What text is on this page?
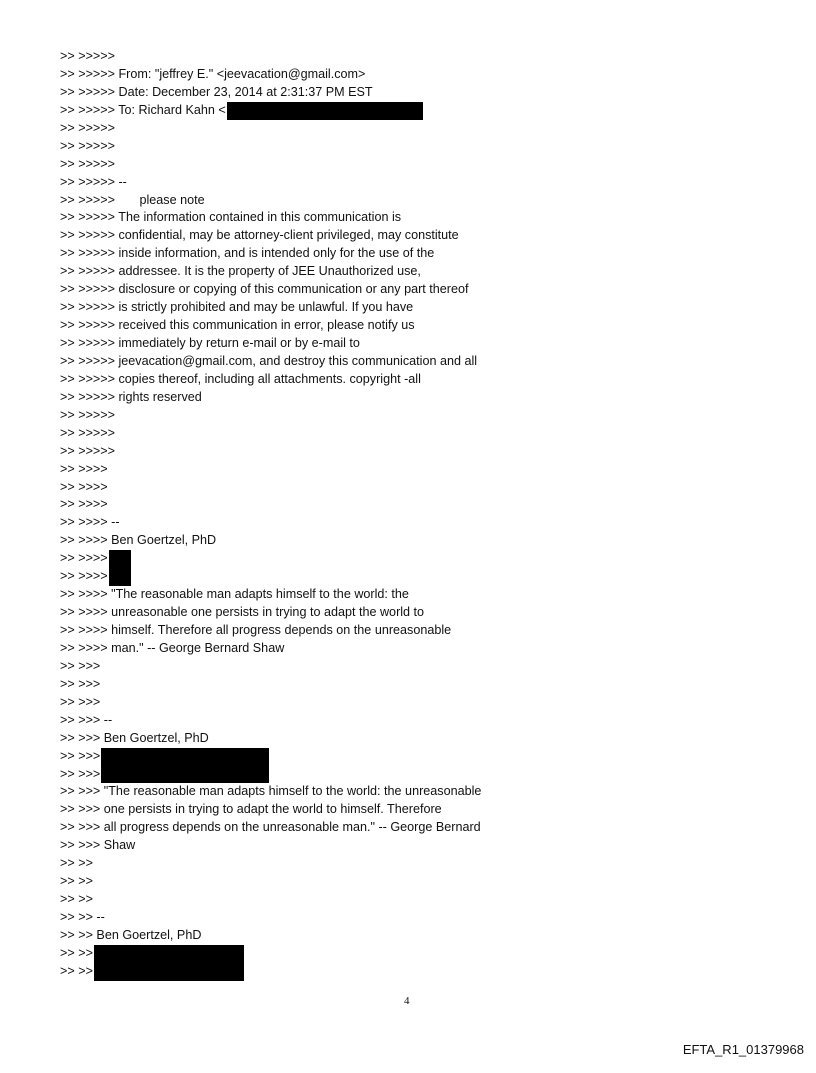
>> >>>>>
>> >>>>> From: "jeffrey E." <jeevacation@gmail.com>
>> >>>>> Date: December 23, 2014 at 2:31:37 PM EST
>> >>>>> To: Richard Kahn <
>> >>>>>
>> >>>>>
>> >>>>>
>> >>>>> --
>> >>>>>       please note
>> >>>>> The information contained in this communication is
>> >>>>> confidential, may be attorney-client privileged, may constitute
>> >>>>> inside information, and is intended only for the use of the
>> >>>>> addressee. It is the property of JEE Unauthorized use,
>> >>>>> disclosure or copying of this communication or any part thereof
>> >>>>> is strictly prohibited and may be unlawful. If you have
>> >>>>> received this communication in error, please notify us
>> >>>>> immediately by return e-mail or by e-mail to
>> >>>>> jeevacation@gmail.com, and destroy this communication and all
>> >>>>> copies thereof, including all attachments. copyright -all
>> >>>>> rights reserved
>> >>>>>
>> >>>>>
>> >>>>>
>> >>>>
>> >>>>
>> >>>>
>> >>>> --
>> >>>> Ben Goertzel, PhD
>> >>>>
>> >>>>
>> >>>> "The reasonable man adapts himself to the world: the
>> >>>> unreasonable one persists in trying to adapt the world to
>> >>>> himself. Therefore all progress depends on the unreasonable
>> >>>> man." -- George Bernard Shaw
>> >>>
>> >>>
>> >>>
>> >>> --
>> >>> Ben Goertzel, PhD
>> >>>
>> >>>
>> >>> "The reasonable man adapts himself to the world: the unreasonable
>> >>> one persists in trying to adapt the world to himself. Therefore
>> >>> all progress depends on the unreasonable man." -- George Bernard
>> >>> Shaw
>> >>
>> >>
>> >>
>> >> --
>> >> Ben Goertzel, PhD
>> >>
>> >>
4
EFTA_R1_01379968
